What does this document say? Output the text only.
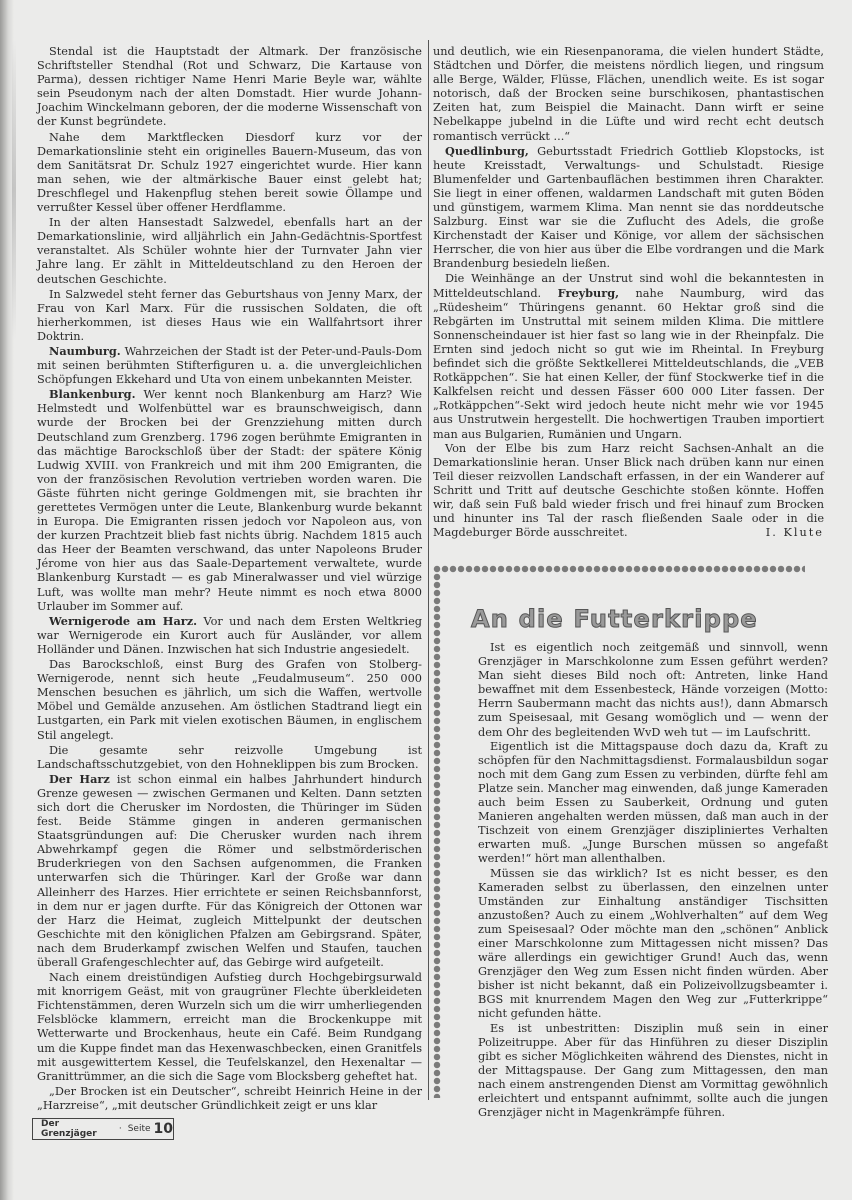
Stendal ist die Hauptstadt der Altmark. Der französische Schriftsteller Stendhal (Rot und Schwarz, Die Kartause von Parma), dessen richtiger Name Henri Marie Beyle war, wählte sein Pseudonym nach der alten Domstadt. Hier wurde Johann-Joachim Winckelmann geboren, der die moderne Wissenschaft von der Kunst begründete.

Nahe dem Marktflecken Diesdorf kurz vor der Demarkationslinie steht ein originelles Bauern-Museum, das von dem Sanitätsrat Dr. Schulz 1927 eingerichtet wurde. Hier kann man sehen, wie der altmärkische Bauer einst gelebt hat; Dreschflegel und Hakenpflug stehen bereit sowie Öllampe und verrußter Kessel über offener Herdflamme.

In der alten Hansestadt Salzwedel, ebenfalls hart an der Demarkationslinie, wird alljährlich ein Jahn-Gedächtnis-Sportfest veranstaltet. Als Schüler wohnte hier der Turnvater Jahn vier Jahre lang. Er zählt in Mitteldeutschland zu den Heroen der deutschen Geschichte.

In Salzwedel steht ferner das Geburtshaus von Jenny Marx, der Frau von Karl Marx. Für die russischen Soldaten, die oft hierherkommen, ist dieses Haus wie ein Wallfahrtsort ihrer Doktrin.

Naumburg. Wahrzeichen der Stadt ist der Peter-und-Pauls-Dom mit seinen berühmten Stifterfiguren u. a. die unvergleichlichen Schöpfungen Ekkehard und Uta von einem unbekannten Meister.

Blankenburg. Wer kennt noch Blankenburg am Harz? Wie Helmstedt und Wolfenbüttel war es braunschweigisch, dann wurde der Brocken bei der Grenzziehung mitten durch Deutschland zum Grenzberg. 1796 zogen berühmte Emigranten in das mächtige Barockschloß über der Stadt: der spätere König Ludwig XVIII. von Frankreich und mit ihm 200 Emigranten, die von der französischen Revolution vertrieben worden waren. Die Gäste führten nicht geringe Goldmengen mit, sie brachten ihr gerettetes Vermögen unter die Leute, Blankenburg wurde bekannt in Europa. Die Emigranten rissen jedoch vor Napoleon aus, von der kurzen Prachtzeit blieb fast nichts übrig. Nachdem 1815 auch das Heer der Beamten verschwand, das unter Napoleons Bruder Jérome von hier aus das Saale-Departement verwaltete, wurde Blankenburg Kurstadt — es gab Mineralwasser und viel würzige Luft, was wollte man mehr? Heute nimmt es noch etwa 8000 Urlauber im Sommer auf.

Wernigerode am Harz. Vor und nach dem Ersten Weltkrieg war Wernigerode ein Kurort auch für Ausländer, vor allem Holländer und Dänen. Inzwischen hat sich Industrie angesiedelt.

Das Barockschloß, einst Burg des Grafen von Stolberg-Wernigerode, nennt sich heute „Feudalmuseum“. 250 000 Menschen besuchen es jährlich, um sich die Waffen, wertvolle Möbel und Gemälde anzusehen. Am östlichen Stadtrand liegt ein Lustgarten, ein Park mit vielen exotischen Bäumen, in englischem Stil angelegt.

Die gesamte sehr reizvolle Umgebung ist Landschaftsschutzgebiet, von den Hohneklippen bis zum Brocken.

Der Harz ist schon einmal ein halbes Jahrhundert hindurch Grenze gewesen — zwischen Germanen und Kelten. Dann setzten sich dort die Cherusker im Nordosten, die Thüringer im Süden fest. Beide Stämme gingen in anderen germanischen Staatsgründungen auf: Die Cherusker wurden nach ihrem Abwehrkampf gegen die Römer und selbstmörderischen Bruderkriegen von den Sachsen aufgenommen, die Franken unterwarfen sich die Thüringer. Karl der Große war dann Alleinherr des Harzes. Hier errichtete er seinen Reichsbannforst, in dem nur er jagen durfte. Für das Königreich der Ottonen war der Harz die Heimat, zugleich Mittelpunkt der deutschen Geschichte mit den königlichen Pfalzen am Gebirgsrand. Später, nach dem Bruderkampf zwischen Welfen und Staufen, tauchen überall Grafengeschlechter auf, das Gebirge wird aufgeteilt.

Nach einem dreistündigen Aufstieg durch Hochgebirgsurwald mit knorrigem Geäst, mit von graugrüner Flechte überkleideten Fichtenstämmen, deren Wurzeln sich um die wirr umherliegenden Felsblöcke klammern, erreicht man die Brockenkuppe mit Wetterwarte und Brockenhaus, heute ein Café. Beim Rundgang um die Kuppe findet man das Hexenwaschbecken, einen Granitfels mit ausgewittertem Kessel, die Teufelskanzel, den Hexenaltar — Granittrümmer, an die sich die Sage vom Blocksberg geheftet hat.

„Der Brocken ist ein Deutscher“, schreibt Heinrich Heine in der „Harzreise“, „mit deutscher Gründlichkeit zeigt er uns klar

und deutlich, wie ein Riesenpanorama, die vielen hundert Städte, Städtchen und Dörfer, die meistens nördlich liegen, und ringsum alle Berge, Wälder, Flüsse, Flächen, unendlich weite. Es ist sogar notorisch, daß der Brocken seine burschikosen, phantastischen Zeiten hat, zum Beispiel die Mainacht. Dann wirft er seine Nebelkappe jubelnd in die Lüfte und wird recht echt deutsch romantisch verrückt ...“

Quedlinburg, Geburtsstadt Friedrich Gottlieb Klopstocks, ist heute Kreisstadt, Verwaltungs- und Schulstadt. Riesige Blumenfelder und Gartenbauflächen bestimmen ihren Charakter. Sie liegt in einer offenen, waldarmen Landschaft mit guten Böden und günstigem, warmem Klima. Man nennt sie das norddeutsche Salzburg. Einst war sie die Zuflucht des Adels, die große Kirchenstadt der Kaiser und Könige, vor allem der sächsischen Herrscher, die von hier aus über die Elbe vordrangen und die Mark Brandenburg besiedeln ließen.

Die Weinhänge an der Unstrut sind wohl die bekanntesten in Mitteldeutschland. Freyburg, nahe Naumburg, wird das „Rüdesheim“ Thüringens genannt. 60 Hektar groß sind die Rebgärten im Unstruttal mit seinem milden Klima. Die mittlere Sonnenscheindauer ist hier fast so lang wie in der Rheinpfalz. Die Ernten sind jedoch nicht so gut wie im Rheintal. In Freyburg befindet sich die größte Sektkellerei Mitteldeutschlands, die „VEB Rotkäppchen“. Sie hat einen Keller, der fünf Stockwerke tief in die Kalkfelsen reicht und dessen Fässer 600 000 Liter fassen. Der „Rotkäppchen“-Sekt wird jedoch heute nicht mehr wie vor 1945 aus Unstrutwein hergestellt. Die hochwertigen Trauben importiert man aus Bulgarien, Rumänien und Ungarn.

Von der Elbe bis zum Harz reicht Sachsen-Anhalt an die Demarkationslinie heran. Unser Blick nach drüben kann nur einen Teil dieser reizvollen Landschaft erfassen, in der ein Wanderer auf Schritt und Tritt auf deutsche Geschichte stoßen könnte. Hoffen wir, daß sein Fuß bald wieder frisch und frei hinauf zum Brocken und hinunter ins Tal der rasch fließenden Saale oder in die Magdeburger Börde ausschreitet.	I. Klute

An die Futterkrippe

Ist es eigentlich noch zeitgemäß und sinnvoll, wenn Grenzjäger in Marschkolonne zum Essen geführt werden? Man sieht dieses Bild noch oft: Antreten, linke Hand bewaffnet mit dem Essenbesteck, Hände vorzeigen (Motto: Herrn Saubermann macht das nichts aus!), dann Abmarsch zum Speisesaal, mit Gesang womöglich und — wenn der dem Ohr des begleitenden WvD weh tut — im Laufschritt.

Eigentlich ist die Mittagspause doch dazu da, Kraft zu schöpfen für den Nachmittagsdienst. Formalausbildun sogar noch mit dem Gang zum Essen zu verbinden, dürfte fehl am Platze sein. Mancher mag einwenden, daß junge Kameraden auch beim Essen zu Sauberkeit, Ordnung und guten Manieren angehalten werden müssen, daß man auch in der Tischzeit von einem Grenzjäger diszipliniertes Verhalten erwarten muß. „Junge Burschen müssen so angefaßt werden!“ hört man allenthalben.

Müssen sie das wirklich? Ist es nicht besser, es den Kameraden selbst zu überlassen, den einzelnen unter Umständen zur Einhaltung anständiger Tischsitten anzustoßen? Auch zu einem „Wohlverhalten“ auf dem Weg zum Speisesaal? Oder möchte man den „schönen“ Anblick einer Marschkolonne zum Mittagessen nicht missen? Das wäre allerdings ein gewichtiger Grund! Auch das, wenn Grenzjäger den Weg zum Essen nicht finden würden. Aber bisher ist nicht bekannt, daß ein Polizeivollzugsbeamter i. BGS mit knurrendem Magen den Weg zur „Futterkrippe“ nicht gefunden hätte.

Es ist unbestritten: Disziplin muß sein in einer Polizeitruppe. Aber für das Hinführen zu dieser Disziplin gibt es sicher Möglichkeiten während des Dienstes, nicht in der Mittagspause. Der Gang zum Mittagessen, den man nach einem anstrengenden Dienst am Vormittag gewöhnlich erleichtert und entspannt aufnimmt, sollte auch die jungen Grenzjäger nicht in Magenkrämpfe führen.

Der Grenzjäger	· Seite 10
